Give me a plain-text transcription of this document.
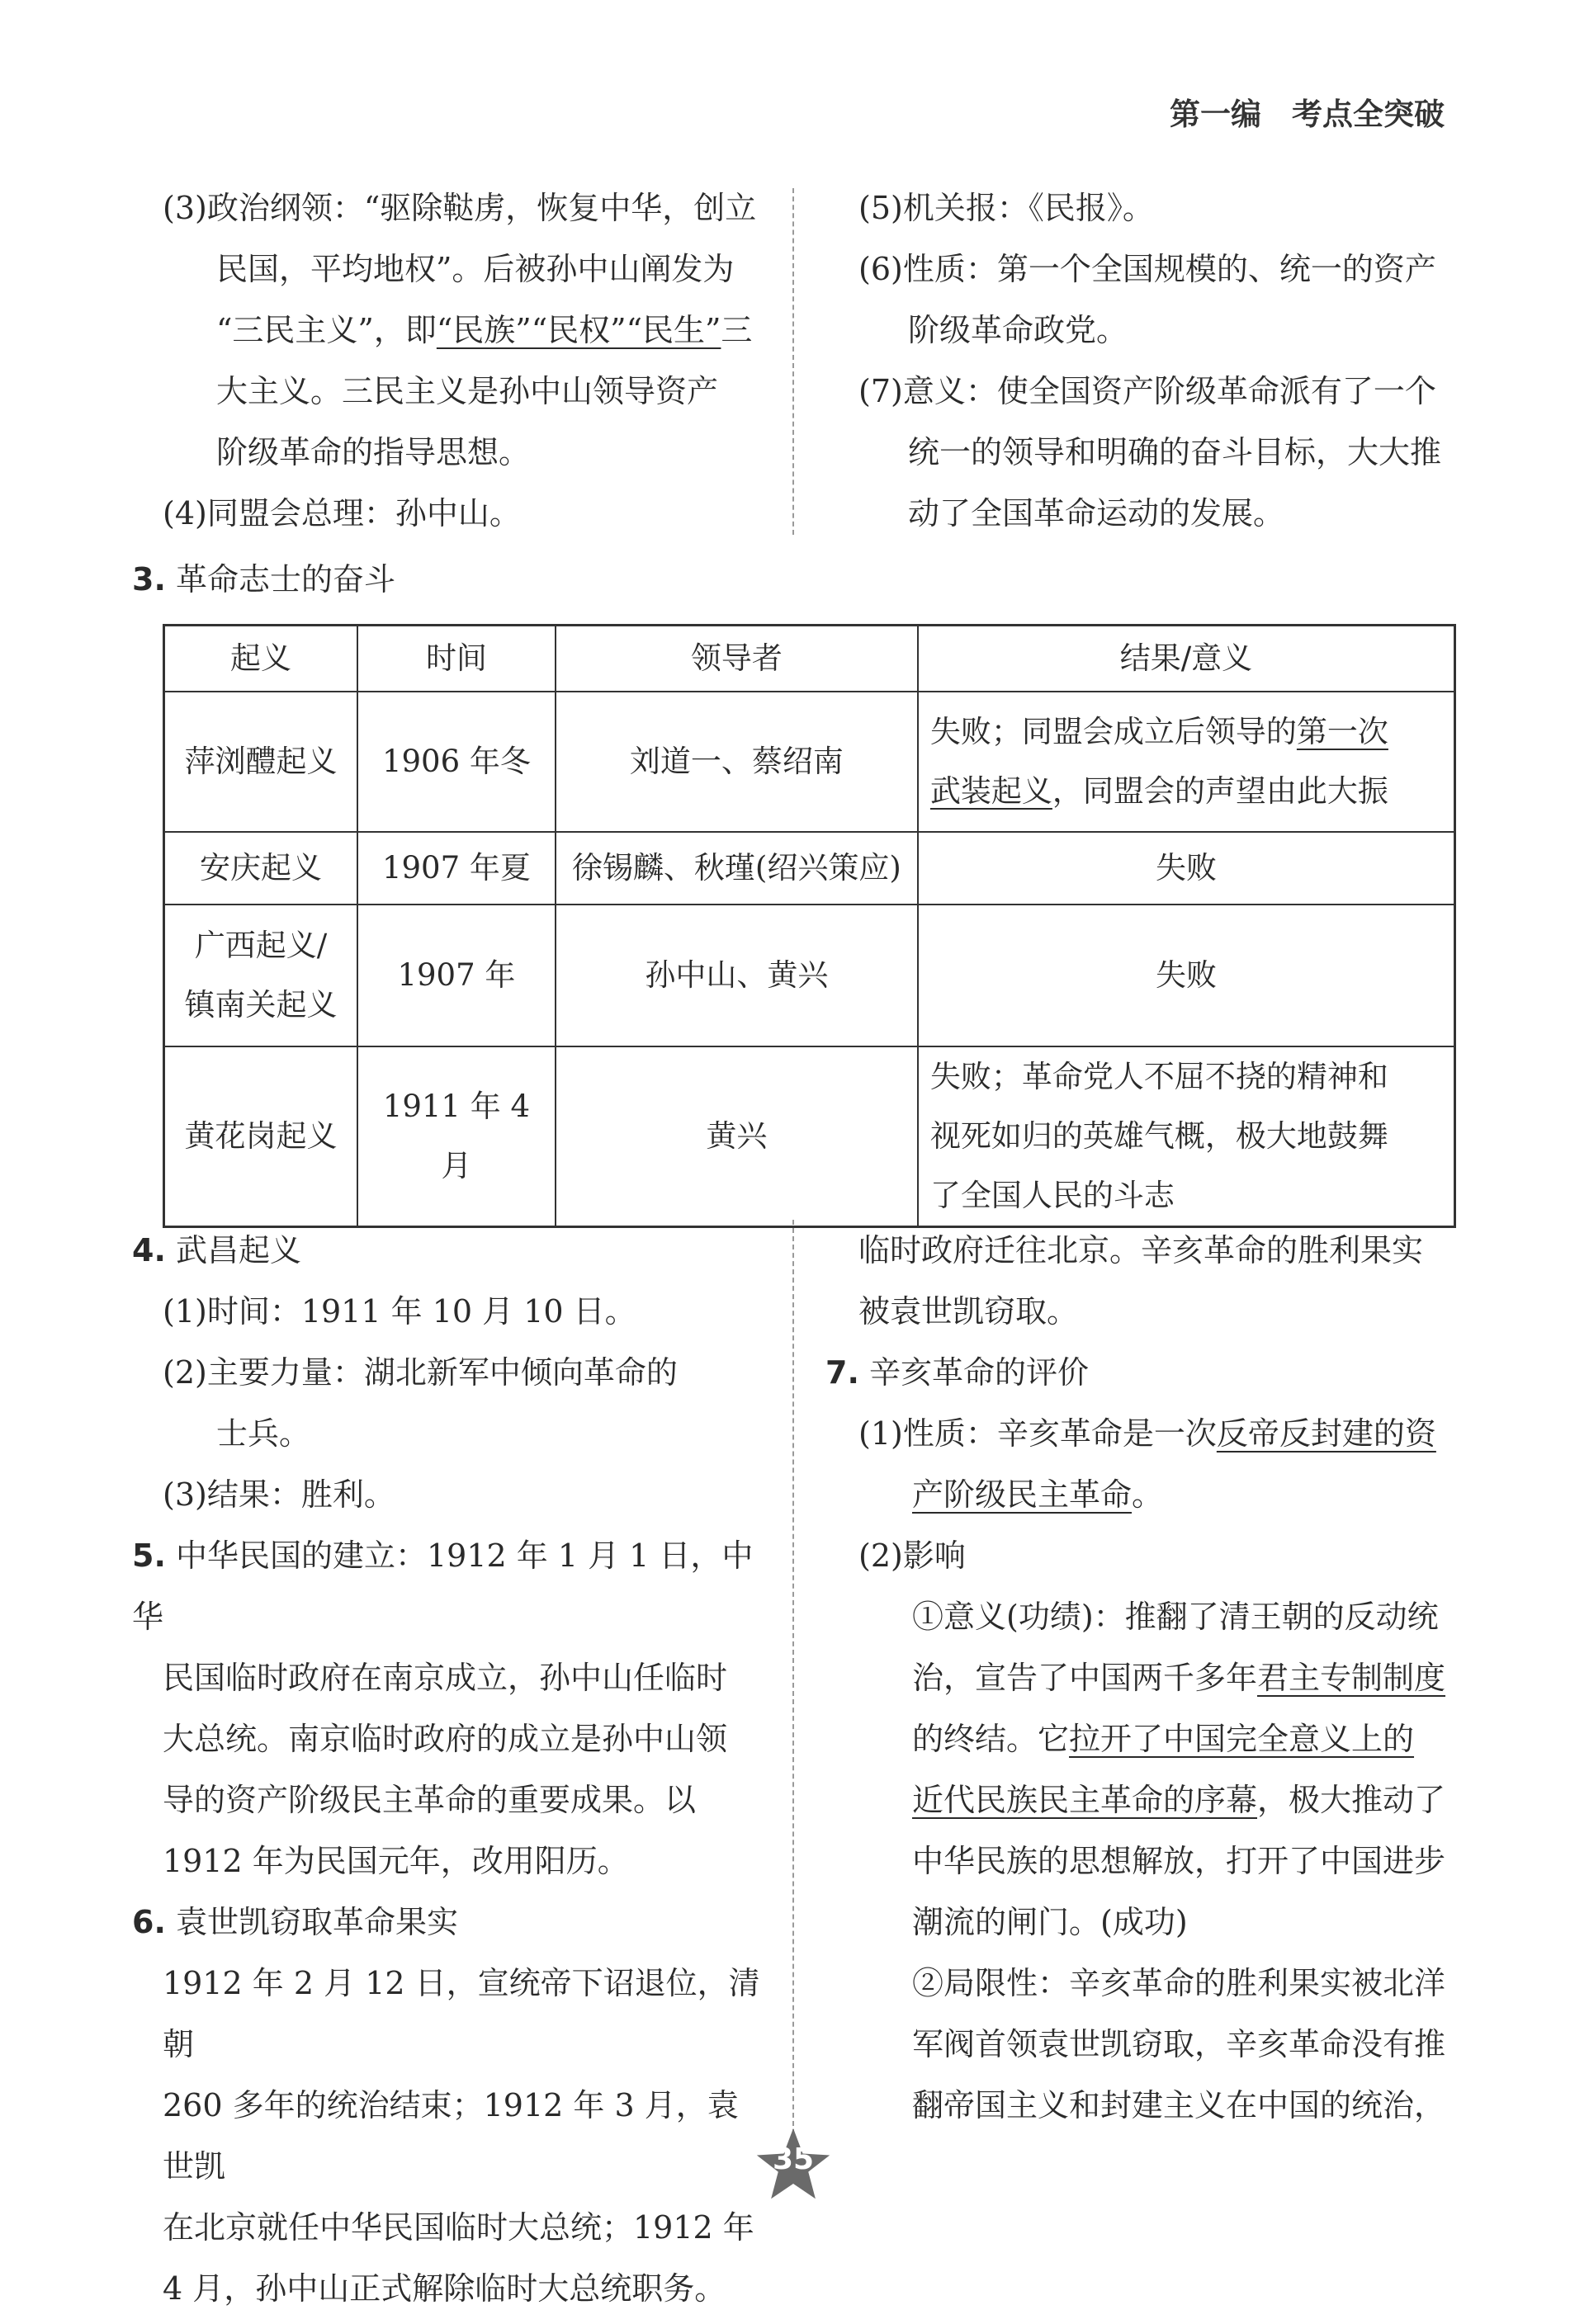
第一编　考点全突破
(3)政治纲领：“驱除鞑虏，恢复中华，创立
民国，平均地权”。后被孙中山阐发为
“三民主义”，即“民族”“民权”“民生”三
大主义。三民主义是孙中山领导资产
阶级革命的指导思想。
(4)同盟会总理：孙中山。
(5)机关报：《民报》。
(6)性质：第一个全国规模的、统一的资产
阶级革命政党。
(7)意义：使全国资产阶级革命派有了一个
统一的领导和明确的奋斗目标，大大推
动了全国革命运动的发展。
3. 革命志士的奋斗
起义	时间	领导者	结果/意义
萍浏醴起义	1906 年冬	刘道一、蔡绍南	失败；同盟会成立后领导的第一次
武装起义，同盟会的声望由此大振

安庆起义	1907 年夏	徐锡麟、秋瑾(绍兴策应)	失败

广西起义/
镇南关起义	1907 年	孙中山、黄兴	失败

黄花岗起义	1911 年 4 月	黄兴	失败；革命党人不屈不挠的精神和
视死如归的英雄气概，极大地鼓舞
了全国人民的斗志
4. 武昌起义
(1)时间：1911 年 10 月 10 日。
(2)主要力量：湖北新军中倾向革命的
士兵。
(3)结果：胜利。
5. 中华民国的建立：1912 年 1 月 1 日，中华
民国临时政府在南京成立，孙中山任临时
大总统。南京临时政府的成立是孙中山领
导的资产阶级民主革命的重要成果。以
1912 年为民国元年，改用阳历。
6. 袁世凯窃取革命果实
1912 年 2 月 12 日，宣统帝下诏退位，清朝
260 多年的统治结束；1912 年 3 月，袁世凯
在北京就任中华民国临时大总统；1912 年
4 月，孙中山正式解除临时大总统职务。
临时政府迁往北京。辛亥革命的胜利果实
被袁世凯窃取。
7. 辛亥革命的评价
(1)性质：辛亥革命是一次反帝反封建的资
产阶级民主革命。
(2)影响
①意义(功绩)：推翻了清王朝的反动统
治，宣告了中国两千多年君主专制制度
的终结。它拉开了中国完全意义上的
近代民族民主革命的序幕，极大推动了
中华民族的思想解放，打开了中国进步
潮流的闸门。(成功)
②局限性：辛亥革命的胜利果实被北洋
军阀首领袁世凯窃取，辛亥革命没有推
翻帝国主义和封建主义在中国的统治，
35
